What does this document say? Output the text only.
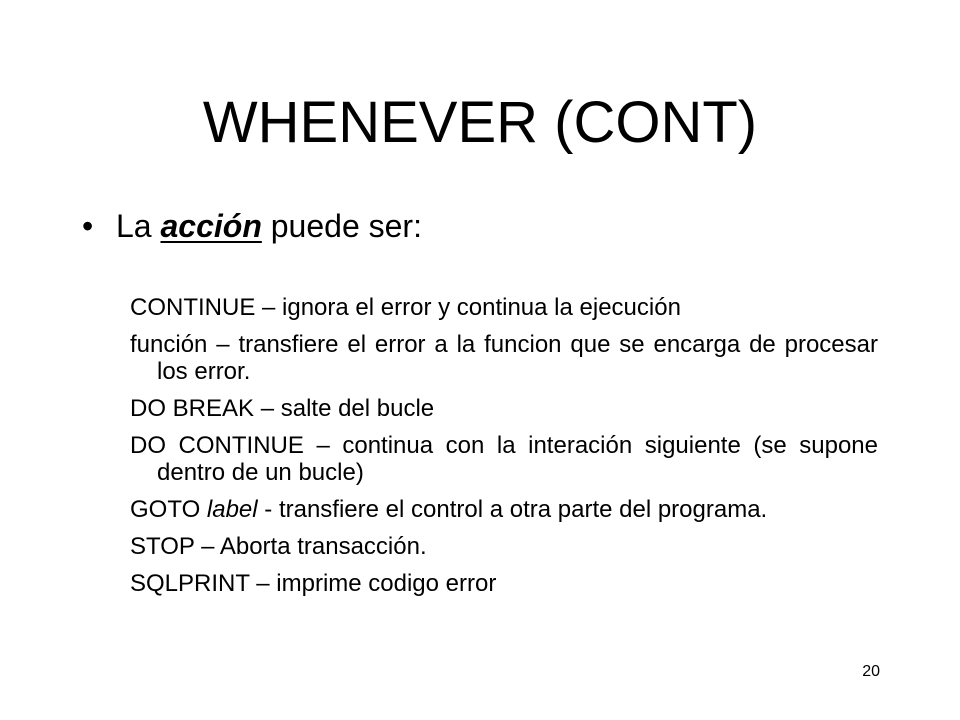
WHENEVER (CONT)
• La acción puede ser:

CONTINUE – ignora el error y continua la ejecución

función – transfiere el error a la funcion que se encarga de procesar los error.

DO BREAK – salte del bucle

DO CONTINUE – continua con la interación siguiente (se supone dentro de un bucle)

GOTO label - transfiere el control a otra parte del programa.

STOP – Aborta transacción.

SQLPRINT – imprime codigo error

20
